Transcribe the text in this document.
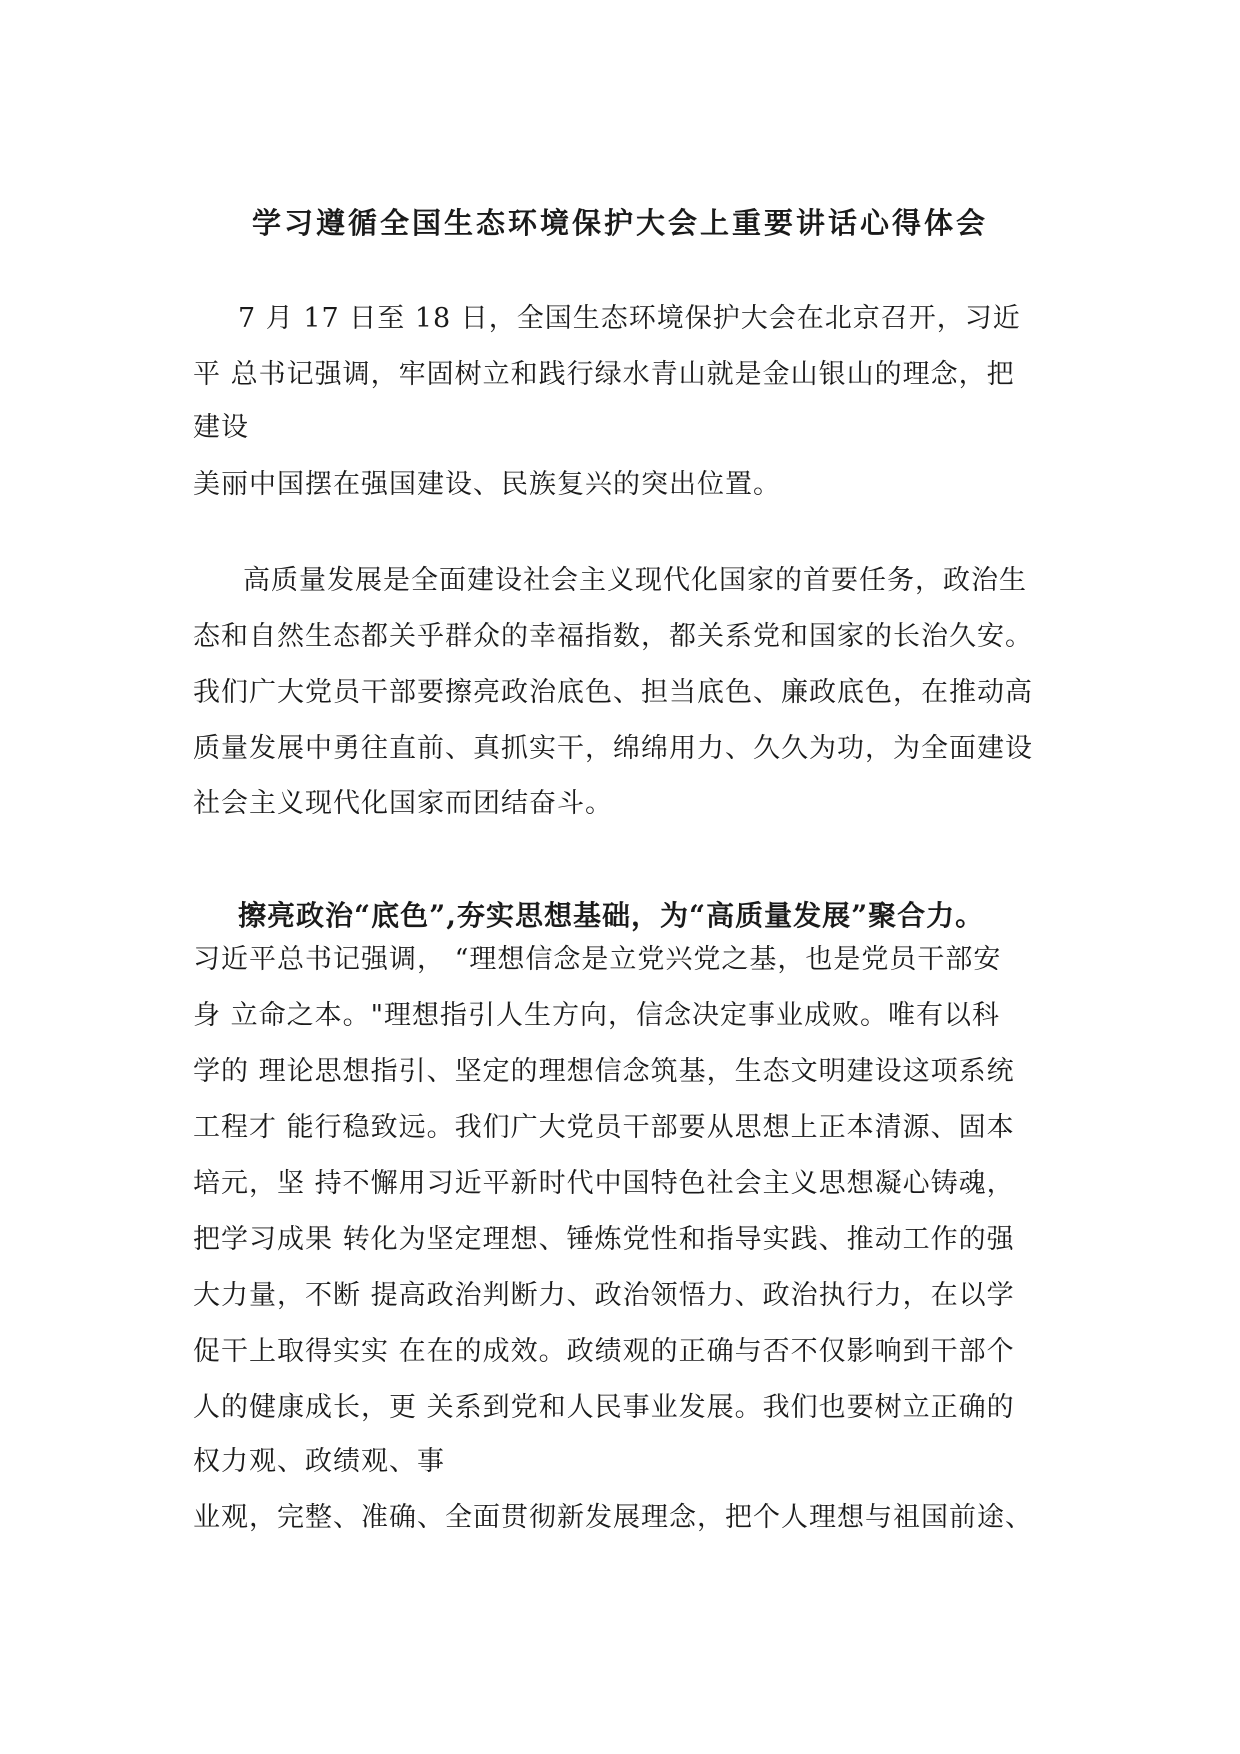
学习遵循全国生态环境保护大会上重要讲话心得体会
7 月 17 日至 18 日，全国生态环境保护大会在北京召开，习近
平 总书记强调，牢固树立和践行绿水青山就是金山银山的理念，把
建设
美丽中国摆在强国建设、民族复兴的突出位置。
高质量发展是全面建设社会主义现代化国家的首要任务，政治生
态和自然生态都关乎群众的幸福指数，都关系党和国家的长治久安。
我们广大党员干部要擦亮政治底色、担当底色、廉政底色，在推动高
质量发展中勇往直前、真抓实干，绵绵用力、久久为功，为全面建设
社会主义现代化国家而团结奋斗。
擦亮政治“底色”,夯实思想基础，为“高质量发展”聚合力。
习近平总书记强调， “理想信念是立党兴党之基，也是党员干部安
身 立命之本。"理想指引人生方向，信念决定事业成败。唯有以科
学的 理论思想指引、坚定的理想信念筑基，生态文明建设这项系统
工程才 能行稳致远。我们广大党员干部要从思想上正本清源、固本
培元，坚 持不懈用习近平新时代中国特色社会主义思想凝心铸魂，
把学习成果 转化为坚定理想、锤炼党性和指导实践、推动工作的强
大力量，不断 提高政治判断力、政治领悟力、政治执行力，在以学
促干上取得实实 在在的成效。政绩观的正确与否不仅影响到干部个
人的健康成长，更 关系到党和人民事业发展。我们也要树立正确的
权力观、政绩观、事
业观，完整、准确、全面贯彻新发展理念，把个人理想与祖国前途、
